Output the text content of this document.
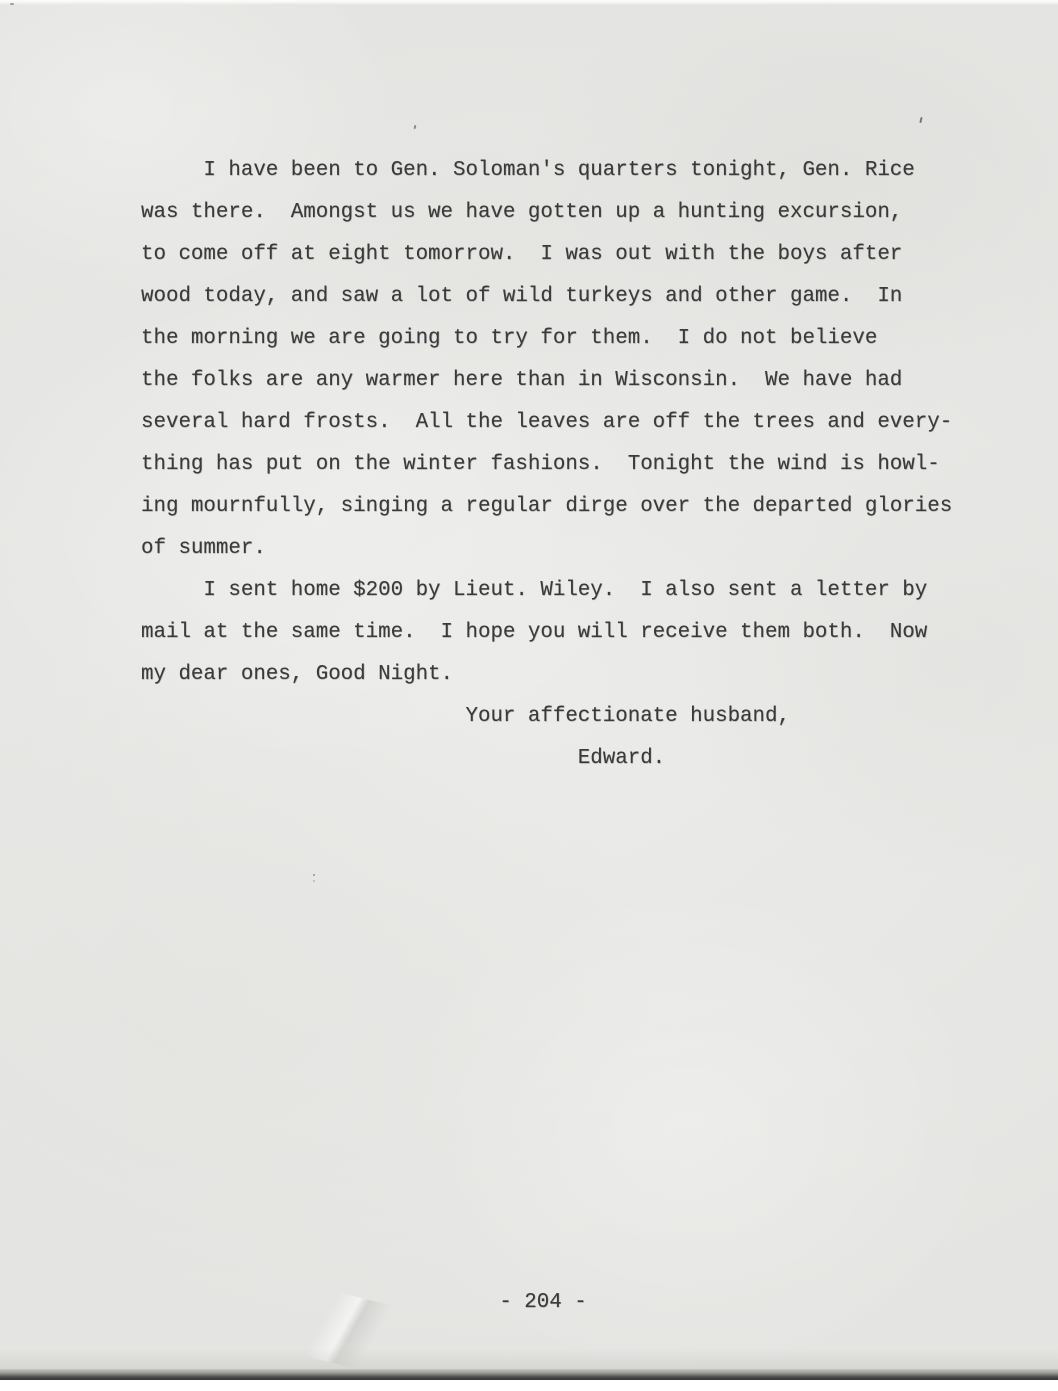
I have been to Gen. Soloman's quarters tonight, Gen. Rice
was there.  Amongst us we have gotten up a hunting excursion,
to come off at eight tomorrow.  I was out with the boys after
wood today, and saw a lot of wild turkeys and other game.  In
the morning we are going to try for them.  I do not believe
the folks are any warmer here than in Wisconsin.  We have had
several hard frosts.  All the leaves are off the trees and every-
thing has put on the winter fashions.  Tonight the wind is howl-
ing mournfully, singing a regular dirge over the departed glories
of summer.
I sent home $200 by Lieut. Wiley.  I also sent a letter by
mail at the same time.  I hope you will receive them both.  Now
my dear ones, Good Night.
Your affectionate husband,
Edward.
- 204 -
